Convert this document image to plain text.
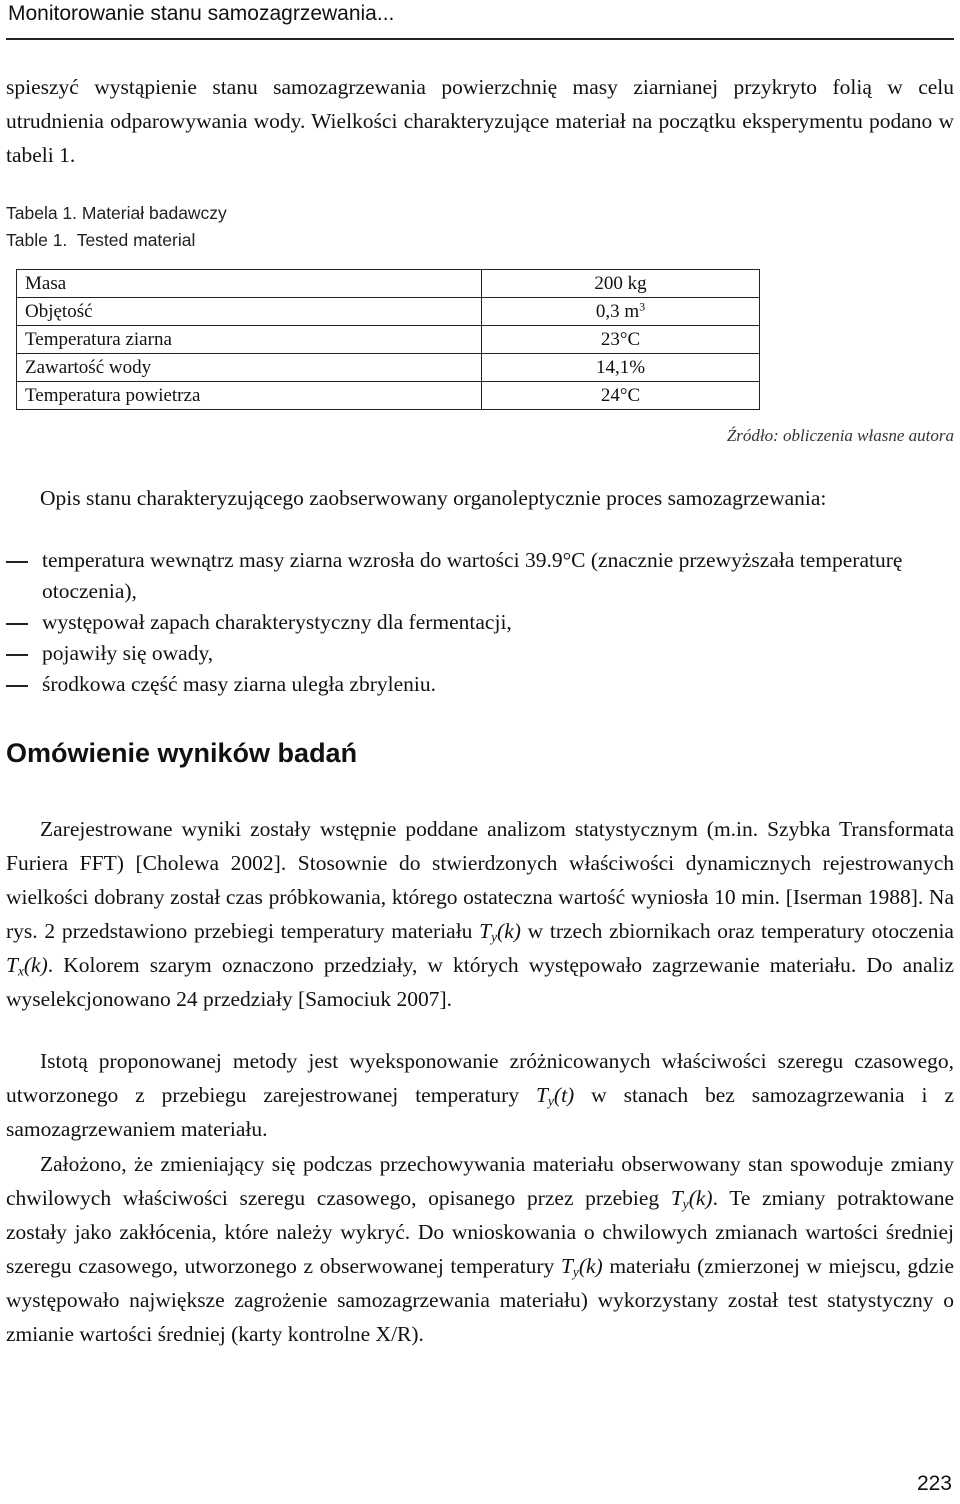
Monitorowanie stanu samozagrzewania...

spieszyć wystąpienie stanu samozagrzewania powierzchnię masy ziarnianej przykryto folią w celu utrudnienia odparowywania wody. Wielkości charakteryzujące materiał na początku eksperymentu podano w tabeli 1.

Tabela 1. Materiał badawczy

Table 1.  Tested material

Masa	200 kg
Objętość	0,3 $m^3$
Temperatura ziarna	23°C
Zawartość wody	14,1%
Temperatura powietrza	24°C
Źródło: obliczenia własne autora

Opis stanu charakteryzującego zaobserwowany organoleptycznie proces samozagrzewania:

temperatura wewnątrz masy ziarna wzrosła do wartości 39.9°C (znacznie przewyższała temperaturę otoczenia),
występował zapach charakterystyczny dla fermentacji,
pojawiły się owady,
środkowa część masy ziarna uległa zbryleniu.
Omówienie wyników badań

Zarejestrowane wyniki zostały wstępnie poddane analizom statystycznym (m.in. Szybka Transformata Furiera FFT) [Cholewa 2002]. Stosownie do stwierdzonych właściwości dynamicznych rejestrowanych wielkości dobrany został czas próbkowania, którego ostateczna wartość wyniosła 10 min. [Iserman 1988]. Na rys. 2 przedstawiono przebiegi temperatury materiału $T_y(k)$ w trzech zbiornikach oraz temperatury otoczenia $T_x(k)$. Kolorem szarym oznaczono przedziały, w których występowało zagrzewanie materiału. Do analiz wyselekcjonowano 24 przedziały [Samociuk 2007].

Istotą proponowanej metody jest wyeksponowanie zróżnicowanych właściwości szeregu czasowego, utworzonego z przebiegu zarejestrowanej temperatury $T_y(t)$ w stanach bez samozagrzewania i z samozagrzewaniem materiału.

Założono, że zmieniający się podczas przechowywania materiału obserwowany stan spowoduje zmiany chwilowych właściwości szeregu czasowego, opisanego przez przebieg $T_y(k)$. Te zmiany potraktowane zostały jako zakłócenia, które należy wykryć. Do wnioskowania o chwilowych zmianach wartości średniej szeregu czasowego, utworzonego z obserwowanej temperatury $T_y(k)$ materiału (zmierzonej w miejscu, gdzie występowało największe zagrożenie samozagrzewania materiału) wykorzystany został test statystyczny o zmianie wartości średniej (karty kontrolne X/R).

223
